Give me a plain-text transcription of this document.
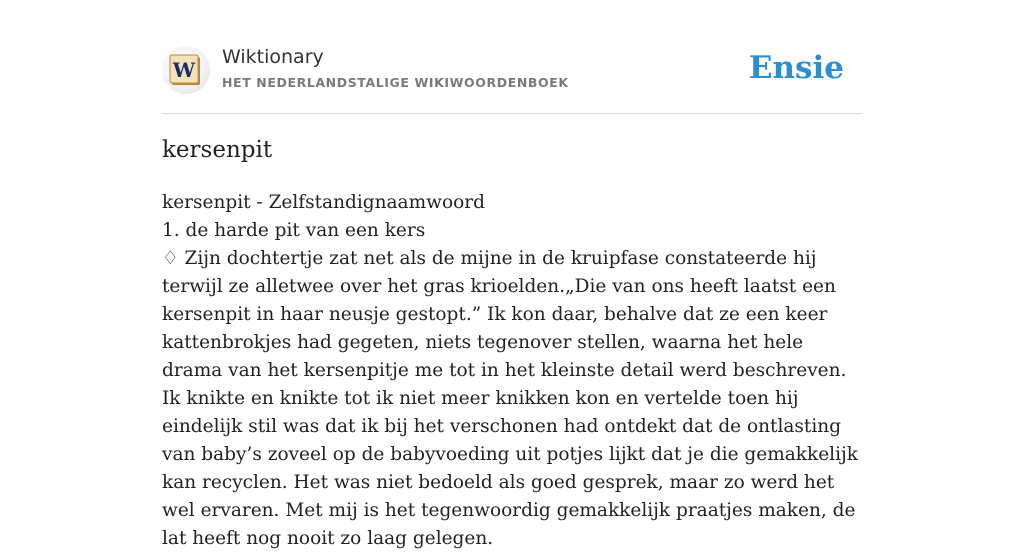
W
Wiktionary
HET NEDERLANDSTALIGE WIKIWOORDENBOEK	Ensie
kersenpit

kersenpit - Zelfstandignaamwoord

1. de harde pit van een kers

♢ Zijn dochtertje zat net als de mijne in de kruipfase constateerde hij terwijl ze alletwee over het gras krioelden.„Die van ons heeft laatst een kersenpit in haar neusje gestopt.” Ik kon daar, behalve dat ze een keer kattenbrokjes had gegeten, niets tegenover stellen, waarna het hele drama van het kersenpitje me tot in het kleinste detail werd beschreven. Ik knikte en knikte tot ik niet meer knikken kon en vertelde toen hij eindelijk stil was dat ik bij het verschonen had ontdekt dat de ontlasting van baby’s zoveel op de babyvoeding uit potjes lijkt dat je die gemakkelijk kan recyclen. Het was niet bedoeld als goed gesprek, maar zo werd het wel ervaren. Met mij is het tegenwoordig gemakkelijk praatjes maken, de lat heeft nog nooit zo laag gelegen.
